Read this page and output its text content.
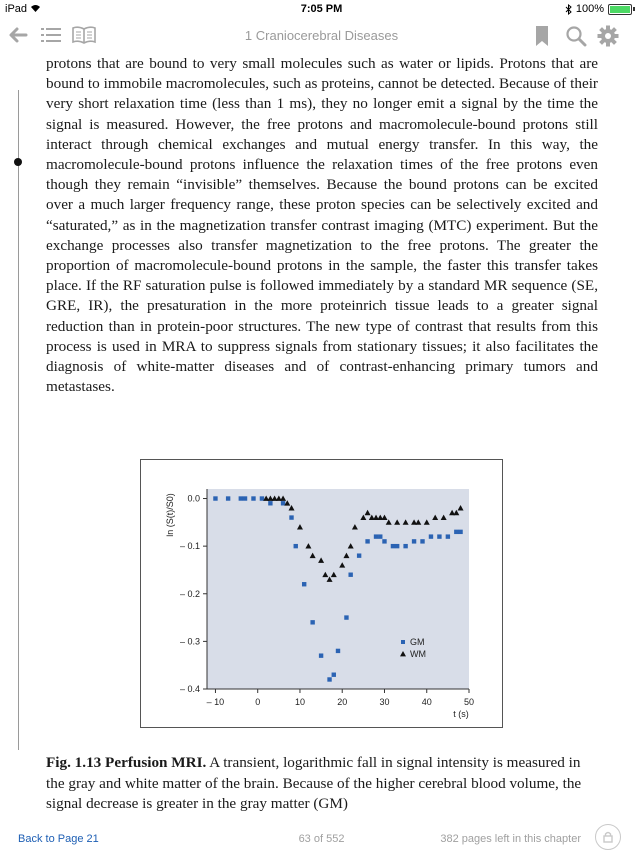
iPad	7:05 PM	100%
1 Craniocerebral Diseases

protons that are bound to very small molecules such as water or lipids. Protons that are bound to immobile macromolecules, such as proteins, cannot be detected. Because of their very short relaxation time (less than 1 ms), they no longer emit a signal by the time the signal is measured. However, the free protons and macromolecule-bound protons still interact through chemical exchanges and mutual energy transfer. In this way, the macromolecule-bound protons influence the relaxation times of the free protons even though they remain “invisible” themselves. Because the bound protons can be excited over a much larger frequency range, these proton species can be selectively excited and “saturated,” as in the magnetization transfer contrast imaging (MTC) experiment. But the exchange processes also transfer magnetization to the free protons. The greater the proportion of macromolecule-bound protons in the sample, the faster this transfer takes place. If the RF saturation pulse is followed immediately by a standard MR sequence (SE, GRE, IR), the presaturation in the more proteinrich tissue leads to a greater signal reduction than in protein-poor structures. The new type of contrast that results from this process is used in MRA to suppress signals from stationary tissues; it also facilitates the diagnosis of white-matter diseases and of contrast-enhancing primary tumors and metastases.

– 10	0	10	20	30	40	50
0.0
– 0.1
– 0.2
– 0.3
– 0.4
t (s)
ln (S(t)/S0)
GM
WM

Fig. 1.13 Perfusion MRI. A transient, logarithmic fall in signal intensity is measured in the gray and white matter of the brain. Because of the higher cerebral blood volume, the signal decrease is greater in the gray matter (GM)

Back to Page 21	63 of 552	382 pages left in this chapter
